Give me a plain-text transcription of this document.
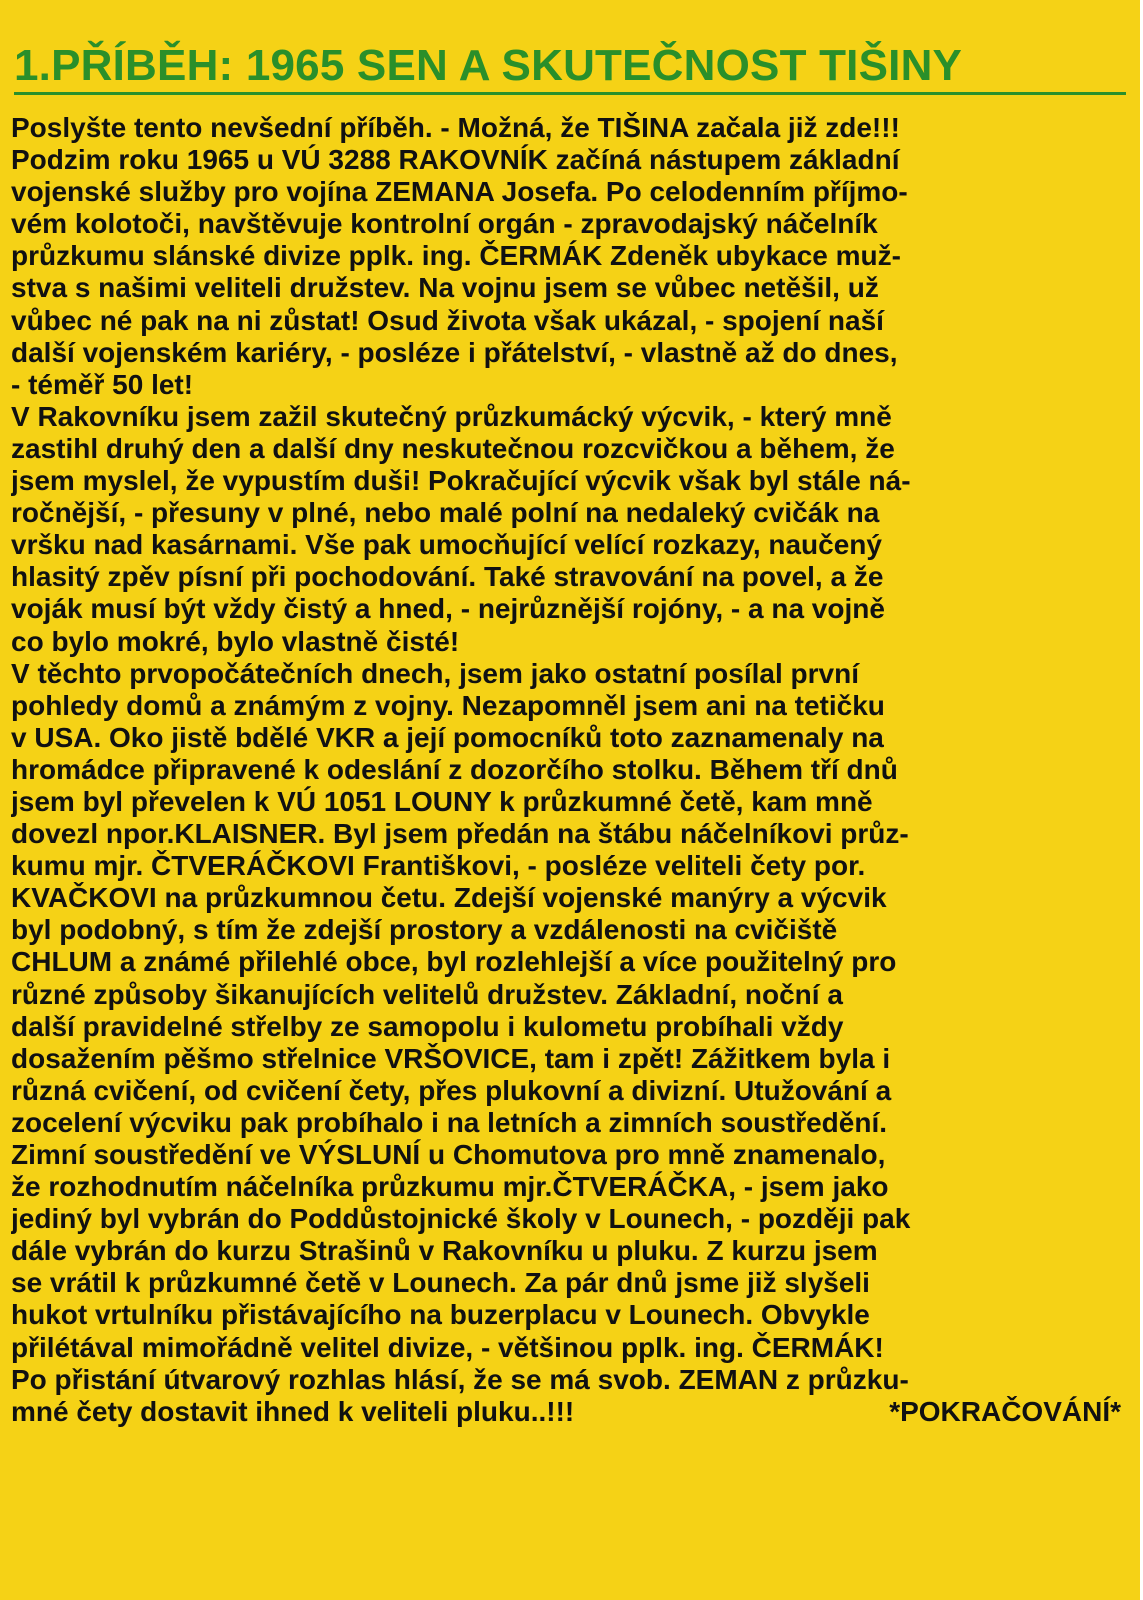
1.PŘÍBĚH: 1965 SEN A SKUTEČNOST TIŠINY
Poslyšte tento nevšední příběh. - Možná, že TIŠINA začala již zde!!!
Podzim roku 1965 u VÚ 3288 RAKOVNÍK začíná nástupem základní
vojenské služby pro vojína ZEMANA Josefa. Po celodenním příjmo-
vém kolotoči, navštěvuje kontrolní orgán - zpravodajský náčelník
průzkumu slánské divize pplk. ing. ČERMÁK Zdeněk ubykace muž-
stva s našimi veliteli družstev. Na vojnu jsem se vůbec netěšil, už
vůbec né pak na ni zůstat! Osud života však ukázal, - spojení naší
další vojenském kariéry, - posléze i přátelství, - vlastně až do dnes,
- téměř 50 let!
V Rakovníku jsem zažil skutečný průzkumácký výcvik, - který mně
zastihl druhý den a další dny neskutečnou rozcvičkou a během, že
jsem myslel, že vypustím duši! Pokračující výcvik však byl stále ná-
ročnější, - přesuny v plné, nebo malé polní na nedaleký cvičák na
vršku nad kasárnami. Vše pak umocňující velící rozkazy, naučený
hlasitý zpěv písní při pochodování. Také stravování na povel, a že
voják musí být vždy čistý a hned, - nejrůznější rojóny, - a na vojně
co bylo mokré, bylo vlastně čisté!
V těchto prvopočátečních dnech, jsem jako ostatní posílal první
pohledy domů a známým z vojny. Nezapomněl jsem ani na tetičku
v USA. Oko jistě bdělé VKR a její pomocníků toto zaznamenaly na
hromádce připravené k odeslání z dozorčího stolku. Během tří dnů
jsem byl převelen k VÚ 1051 LOUNY k průzkumné četě, kam mně
dovezl npor.KLAISNER. Byl jsem předán na štábu náčelníkovi průz-
kumu mjr. ČTVERÁČKOVI Františkovi, - posléze veliteli čety por.
KVAČKOVI na průzkumnou četu. Zdejší vojenské manýry a výcvik
byl podobný, s tím že zdejší prostory a vzdálenosti na cvičiště
CHLUM a známé přilehlé obce, byl rozlehlejší a více použitelný pro
různé způsoby šikanujících velitelů družstev. Základní, noční a
další pravidelné střelby ze samopolu i kulometu probíhali vždy
dosažením pěšmo střelnice VRŠOVICE, tam i zpět! Zážitkem byla i
různá cvičení, od cvičení čety, přes plukovní a divizní. Utužování a
zocelení výcviku pak probíhalo i na letních a zimních soustředění.
Zimní soustředění ve VÝSLUNÍ u Chomutova pro mně znamenalo,
že rozhodnutím náčelníka průzkumu mjr.ČTVERÁČKA, - jsem jako
jediný byl vybrán do Poddůstojnické školy v Lounech, - později pak
dále vybrán do kurzu Strašinů v Rakovníku u pluku. Z kurzu jsem
se vrátil k průzkumné četě v Lounech. Za pár dnů jsme již slyšeli
hukot vrtulníku přistávajícího na buzerplacu v Lounech. Obvykle
přilétával mimořádně velitel divize, - většinou pplk. ing. ČERMÁK!
Po přistání útvarový rozhlas hlásí, že se má svob. ZEMAN z průzku-
mné čety dostavit ihned k veliteli pluku..!!!	*POKRAČOVÁNÍ*
